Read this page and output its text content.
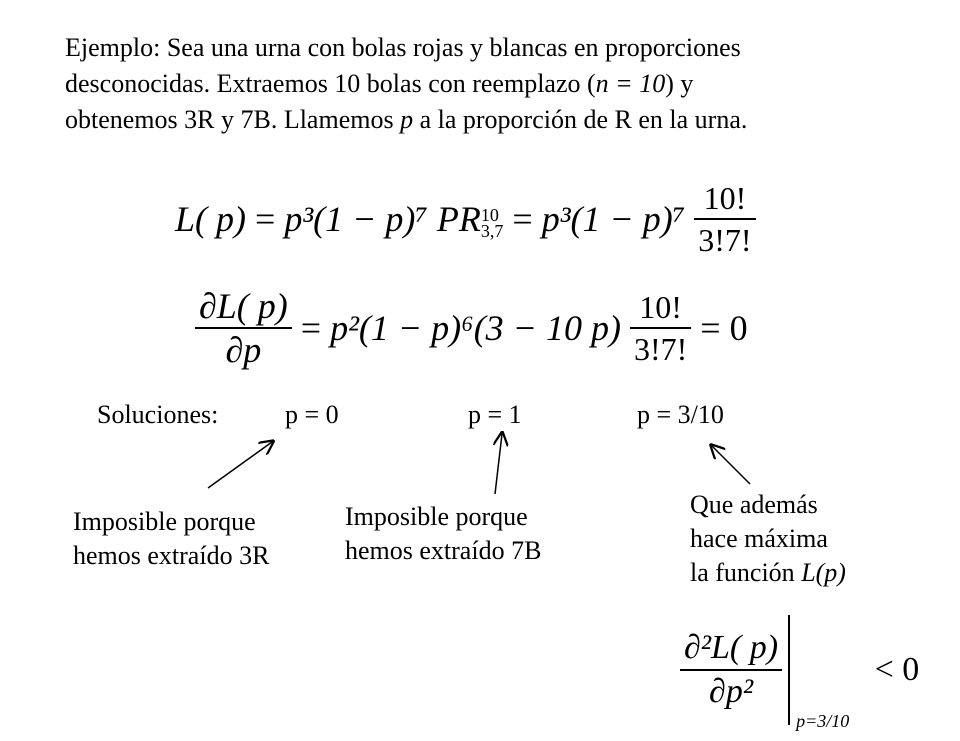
Ejemplo: Sea una urna con bolas rojas y blancas en proporciones
desconocidas. Extraemos 10 bolas con reemplazo (n = 10) y
obtenemos 3R y 7B. Llamemos p a la proporción de R en la urna.
L( p) = p³(1 − p)⁷ PR 10
$3,7 = p^3(1 - p)^7 \frac{10!}{3!7!}$
$\frac{\partial L( p)}{\partial p} = p^2(1 - p)^6(3 - 10$ $p) \frac{10!}{3!7!} = 0$
Soluciones:	p = 0	p = 1	p = 3/10
Imposible porque
hemos extraído 3R
Imposible porque
hemos extraído 7B
Que además
hace máxima
la función L(p)
$\frac{\text{∂²L( p)}}{\text{∂p²}}$
p=3/10
< 0
